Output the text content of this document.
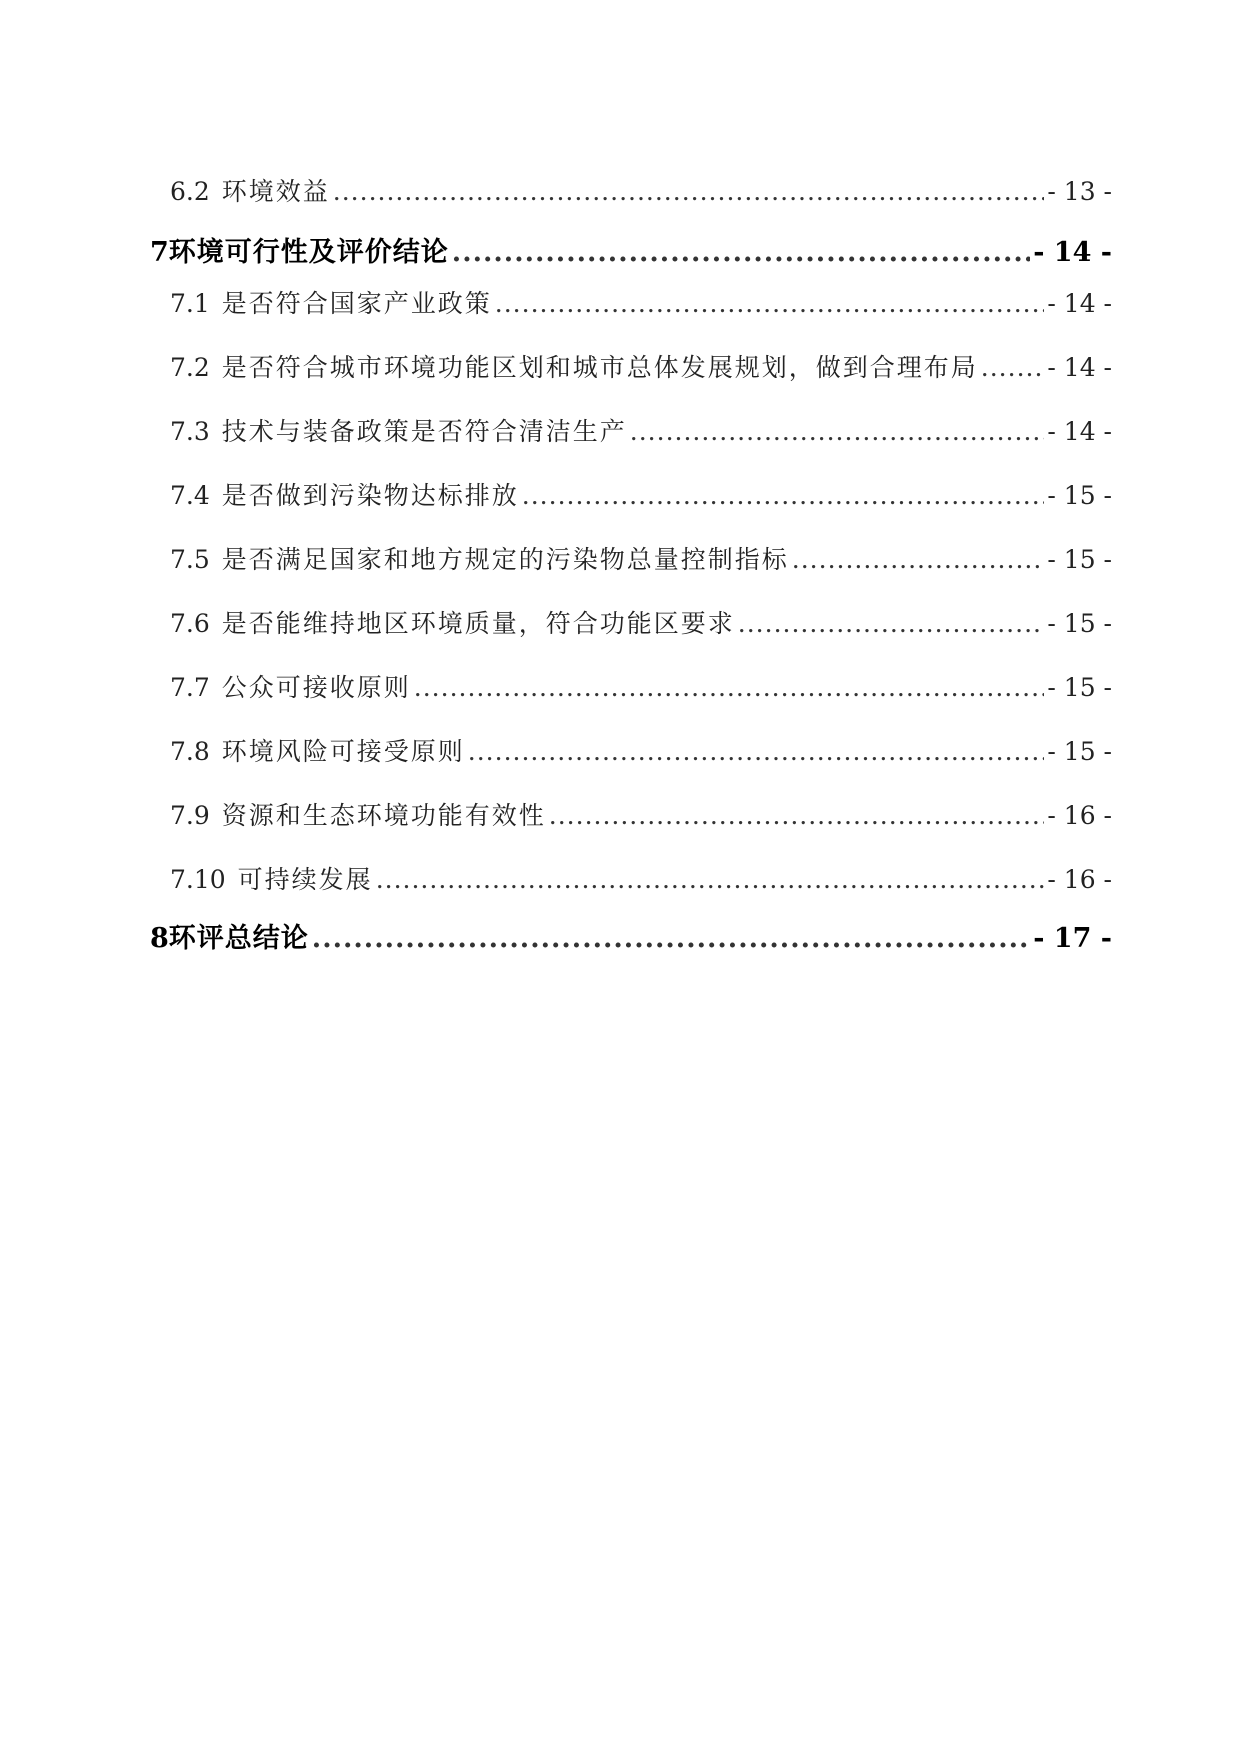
6.2 环境效益 .....	- 13 -
7 环境可行性及评价结论 .....	- 14 -
7.1 是否符合国家产业政策 .....	- 14 -
7.2 是否符合城市环境功能区划和城市总体发展规划，做到合理布局 .....	- 14 -
7.3 技术与装备政策是否符合清洁生产 .....	- 14 -
7.4 是否做到污染物达标排放 .....	- 15 -
7.5 是否满足国家和地方规定的污染物总量控制指标 .....	- 15 -
7.6 是否能维持地区环境质量，符合功能区要求 .....	- 15 -
7.7 公众可接收原则 .....	- 15 -
7.8 环境风险可接受原则 .....	- 15 -
7.9 资源和生态环境功能有效性 .....	- 16 -
7.10 可持续发展 .....	- 16 -
8 环评总结论 .....	- 17 -
